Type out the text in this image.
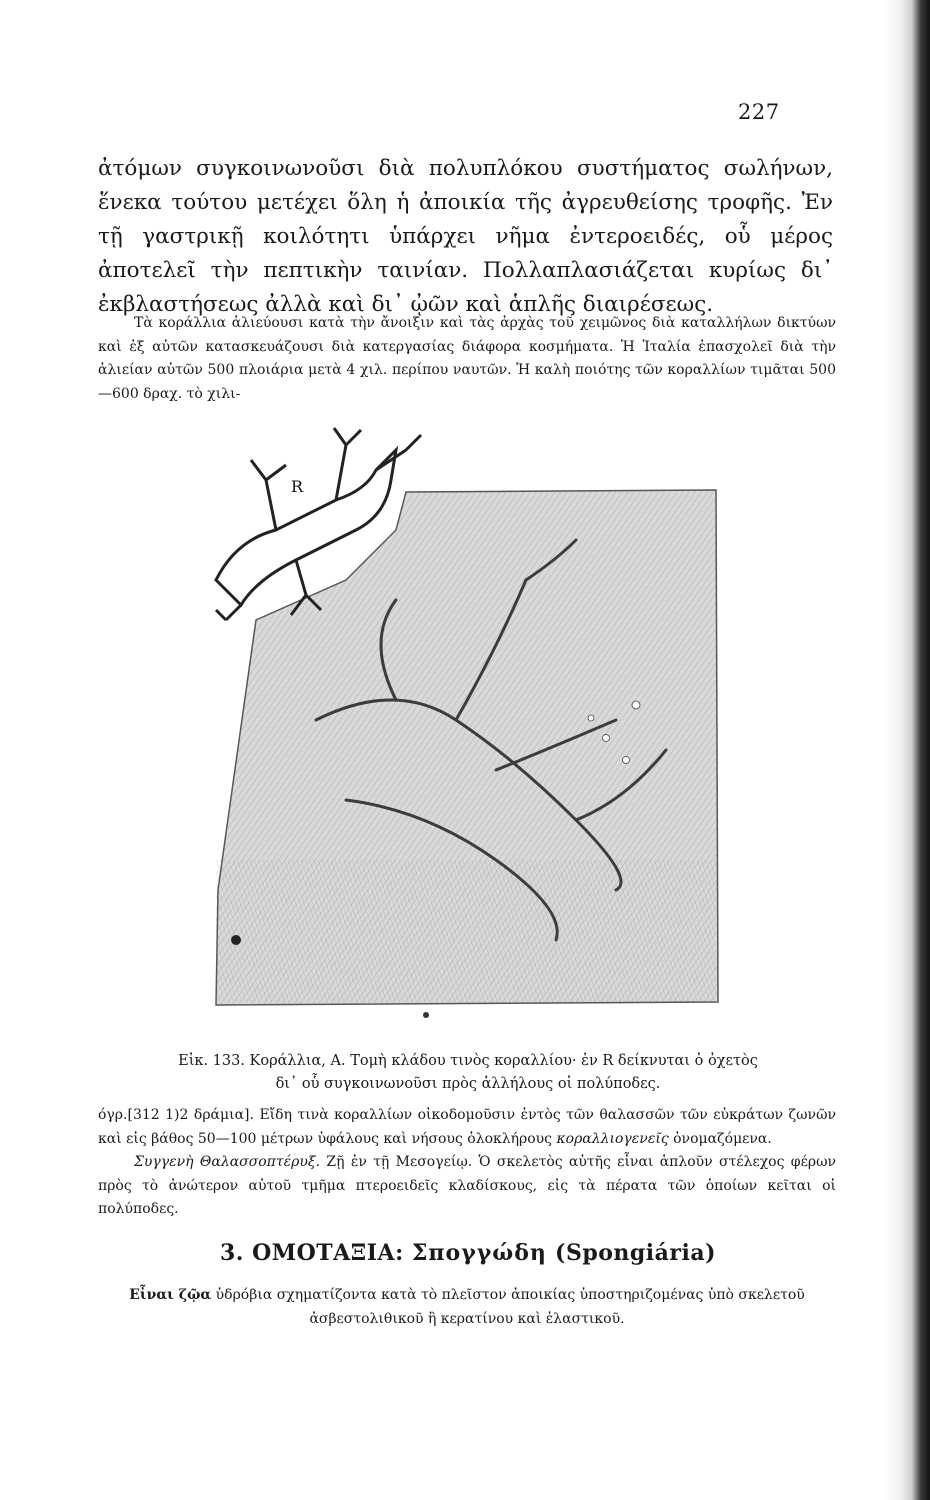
227

ἀτόμων συγκοινωνοῦσι διὰ πολυπλόκου συστήματος σωλήνων, ἕνεκα τούτου μετέχει ὅλη ἡ ἀποικία τῆς ἀγρευθείσης τροφῆς. Ἐν τῇ γαστρικῇ κοιλότητι ὑπάρχει νῆμα ἐντεροειδές, οὗ μέρος ἀποτελεῖ τὴν πεπτικὴν ταινίαν. Πολλαπλασιάζεται κυρίως δι᾽ ἐκβλαστήσεως ἀλλὰ καὶ δι᾽ ᾠῶν καὶ ἁπλῆς διαιρέσεως.

Τὰ κοράλλια ἁλιεύουσι κατὰ τὴν ἄνοιξιν καὶ τὰς ἀρχὰς τοῦ χειμῶνος διὰ καταλλήλων δικτύων καὶ ἐξ αὐτῶν κατασκευάζουσι διὰ κατεργασίας διάφορα κοσμήματα. Ἡ Ἰταλία ἐπασχολεῖ διὰ τὴν ἁλιείαν αὐτῶν 500 πλοιάρια μετὰ 4 χιλ. περίπου ναυτῶν. Ἡ καλὴ ποιότης τῶν κοραλλίων τιμᾶται 500—600 δραχ. τὸ χιλι-

R

Εἰκ. 133. Κοράλλια, Α. Τομὴ κλάδου τινὸς κοραλλίου· ἐν R δείκνυται ὁ ὀχετὸς
δι᾽ οὗ συγκοινωνοῦσι πρὸς ἀλλήλους οἱ πολύποδες.

όγρ.[312 1)2 δράμια]. Εἴδη τινὰ κοραλλίων οἰκοδομοῦσιν ἐντὸς τῶν θαλασσῶν τῶν εὐκράτων ζωνῶν καὶ εἰς βάθος 50—100 μέτρων ὑφάλους καὶ νήσους ὁλοκλήρους κοραλλιογενεῖς ὀνομαζόμενα.
Συγγενὴ Θαλασσοπτέρυξ. Ζῇ ἐν τῇ Μεσογείῳ. Ὁ σκελετὸς αὐτῆς εἶναι ἁπλοῦν στέλεχος φέρων πρὸς τὸ ἀνώτερον αὐτοῦ τμῆμα πτεροειδεῖς κλαδίσκους, εἰς τὰ πέρατα τῶν ὁποίων κεῖται οἱ πολύποδες.

3. ΟΜΟΤΑΞΙΑ: Σπογγώδη (Spongiária)

Εἶναι ζῷα ὑδρόβια σχηματίζοντα κατὰ τὸ πλεῖστον ἀποικίας ὑποστηριζομένας ὑπὸ σκελετοῦ ἀσβεστολιθικοῦ ἢ κερατίνου καὶ ἐλαστικοῦ.
